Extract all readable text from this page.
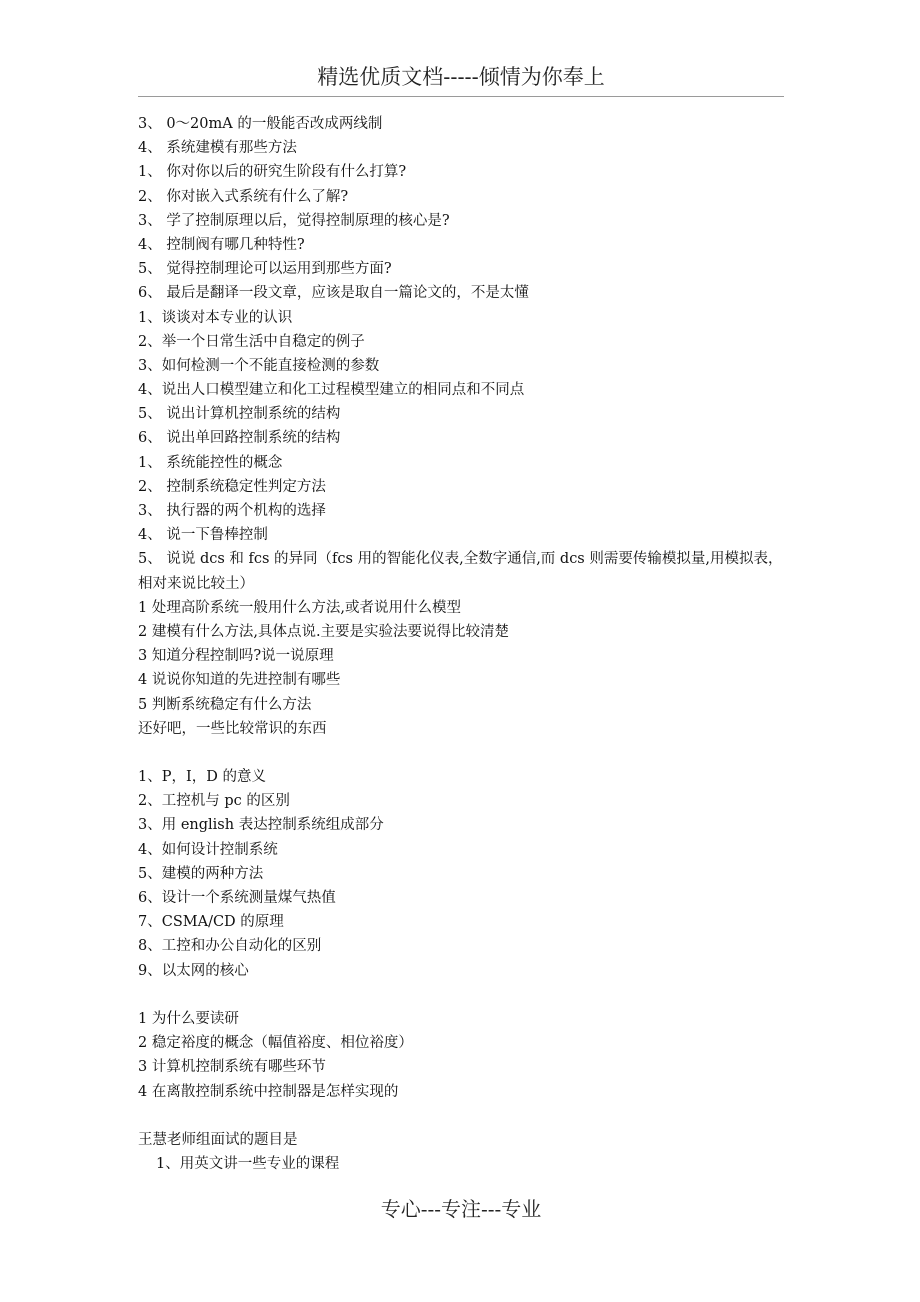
精选优质文档-----倾情为你奉上
3、 0～20mA 的一般能否改成两线制
4、 系统建模有那些方法
1、 你对你以后的研究生阶段有什么打算?
2、 你对嵌入式系统有什么了解?
3、 学了控制原理以后，觉得控制原理的核心是?
4、 控制阀有哪几种特性?
5、 觉得控制理论可以运用到那些方面?
6、 最后是翻译一段文章，应该是取自一篇论文的，不是太懂
1、谈谈对本专业的认识
2、举一个日常生活中自稳定的例子
3、如何检测一个不能直接检测的参数
4、说出人口模型建立和化工过程模型建立的相同点和不同点
5、 说出计算机控制系统的结构
6、 说出单回路控制系统的结构
1、 系统能控性的概念
2、 控制系统稳定性判定方法
3、 执行器的两个机构的选择
4、 说一下鲁棒控制
5、 说说 dcs 和 fcs 的异同（fcs 用的智能化仪表,全数字通信,而 dcs 则需要传输模拟量,用模拟表，相对来说比较土）
1 处理高阶系统一般用什么方法,或者说用什么模型
2 建模有什么方法,具体点说.主要是实验法要说得比较清楚
3 知道分程控制吗?说一说原理
4 说说你知道的先进控制有哪些
5 判断系统稳定有什么方法
还好吧，一些比较常识的东西
1、P，I，D 的意义
2、工控机与 pc 的区别
3、用 english 表达控制系统组成部分
4、如何设计控制系统
5、建模的两种方法
6、设计一个系统测量煤气热值
7、CSMA/CD 的原理
8、工控和办公自动化的区别
9、以太网的核心
1 为什么要读研
2 稳定裕度的概念（幅值裕度、相位裕度）
3 计算机控制系统有哪些环节
4 在离散控制系统中控制器是怎样实现的
王慧老师组面试的题目是
1、用英文讲一些专业的课程
专心---专注---专业
